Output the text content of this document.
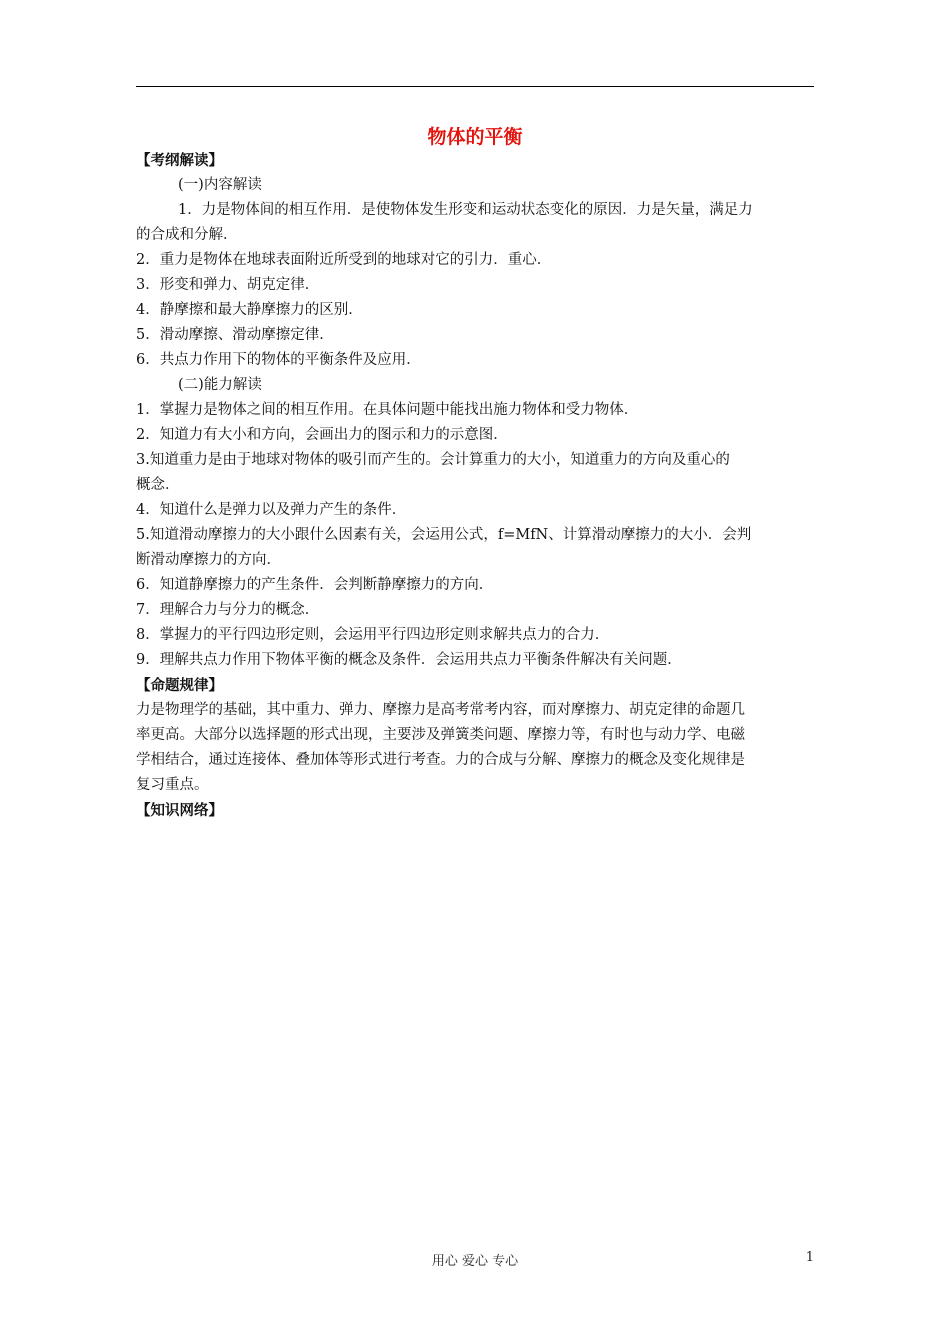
物体的平衡
【考纲解读】
(一)内容解读
1．力是物体间的相互作用．是使物体发生形变和运动状态变化的原因．力是矢量，满足力
的合成和分解．
2．重力是物体在地球表面附近所受到的地球对它的引力．重心．
3．形变和弹力、胡克定律．
4．静摩擦和最大静摩擦力的区别．
5．滑动摩擦、滑动摩擦定律．
6．共点力作用下的物体的平衡条件及应用．
(二)能力解读
1．掌握力是物体之间的相互作用。在具体问题中能找出施力物体和受力物体．
2．知道力有大小和方向，会画出力的图示和力的示意图．
3.知道重力是由于地球对物体的吸引而产生的。会计算重力的大小，知道重力的方向及重心的
概念．
4．知道什么是弹力以及弹力产生的条件．
5.知道滑动摩擦力的大小跟什么因素有关，会运用公式，f=MfN、计算滑动摩擦力的大小．会判
断滑动摩擦力的方向．
6．知道静摩擦力的产生条件．会判断静摩擦力的方向．
7．理解合力与分力的概念．
8．掌握力的平行四边形定则，会运用平行四边形定则求解共点力的合力．
9．理解共点力作用下物体平衡的概念及条件．会运用共点力平衡条件解决有关问题．
【命题规律】
力是物理学的基础，其中重力、弹力、摩擦力是高考常考内容，而对摩擦力、胡克定律的命题几
率更高。大部分以选择题的形式出现，主要涉及弹簧类问题、摩擦力等，有时也与动力学、电磁
学相结合，通过连接体、叠加体等形式进行考查。力的合成与分解、摩擦力的概念及变化规律是
复习重点。
【知识网络】
用心 爱心 专心	1
